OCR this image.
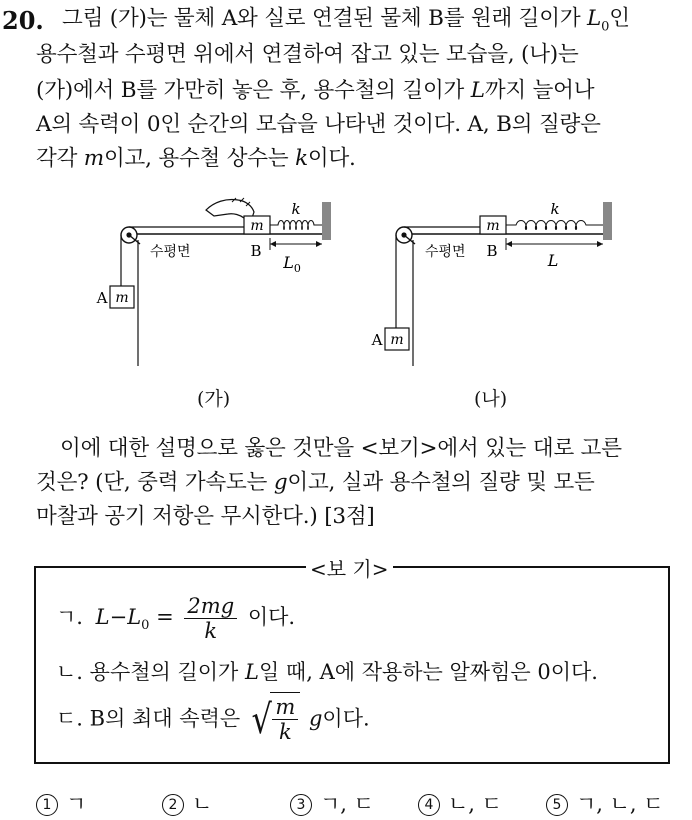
20. 그림 (가)는 물체 A와 실로 연결된 물체 B를 원래 길이가 $L_0$인
용수철과 수평면 위에서 연결하여 잡고 있는 모습을, (나)는
(가)에서 B를 가만히 놓은 후, 용수철의 길이가 L까지 늘어나
A의 속력이 0인 순간의 모습을 나타낸 것이다. A, B의 질량은
각각 m이고, 용수철 상수는 k이다.
m
B
k
$L_0$
수평면
m
A
m
B
k
L
수평면
m
A
(가)	(나)
이에 대한 설명으로 옳은 것만을 <보기>에서 있는 대로 고른
것은? (단, 중력 가속도는 g이고, 실과 용수철의 질량 및 모든
마찰과 공기 저항은 무시한다.) [3점]
<보 기>
ㄱ. $L-L_0 = \frac{2mg}{k}$ 이다.
ㄴ. 용수철의 길이가 L일 때, A에 작용하는 알짜힘은 0이다.
ㄷ. B의 최대 속력은 √ $\frac{m}{k}$ g이다.
1 ㄱ	2 ㄴ	3 ㄱ, ㄷ	4 ㄴ, ㄷ	5 ㄱ, ㄴ, ㄷ
